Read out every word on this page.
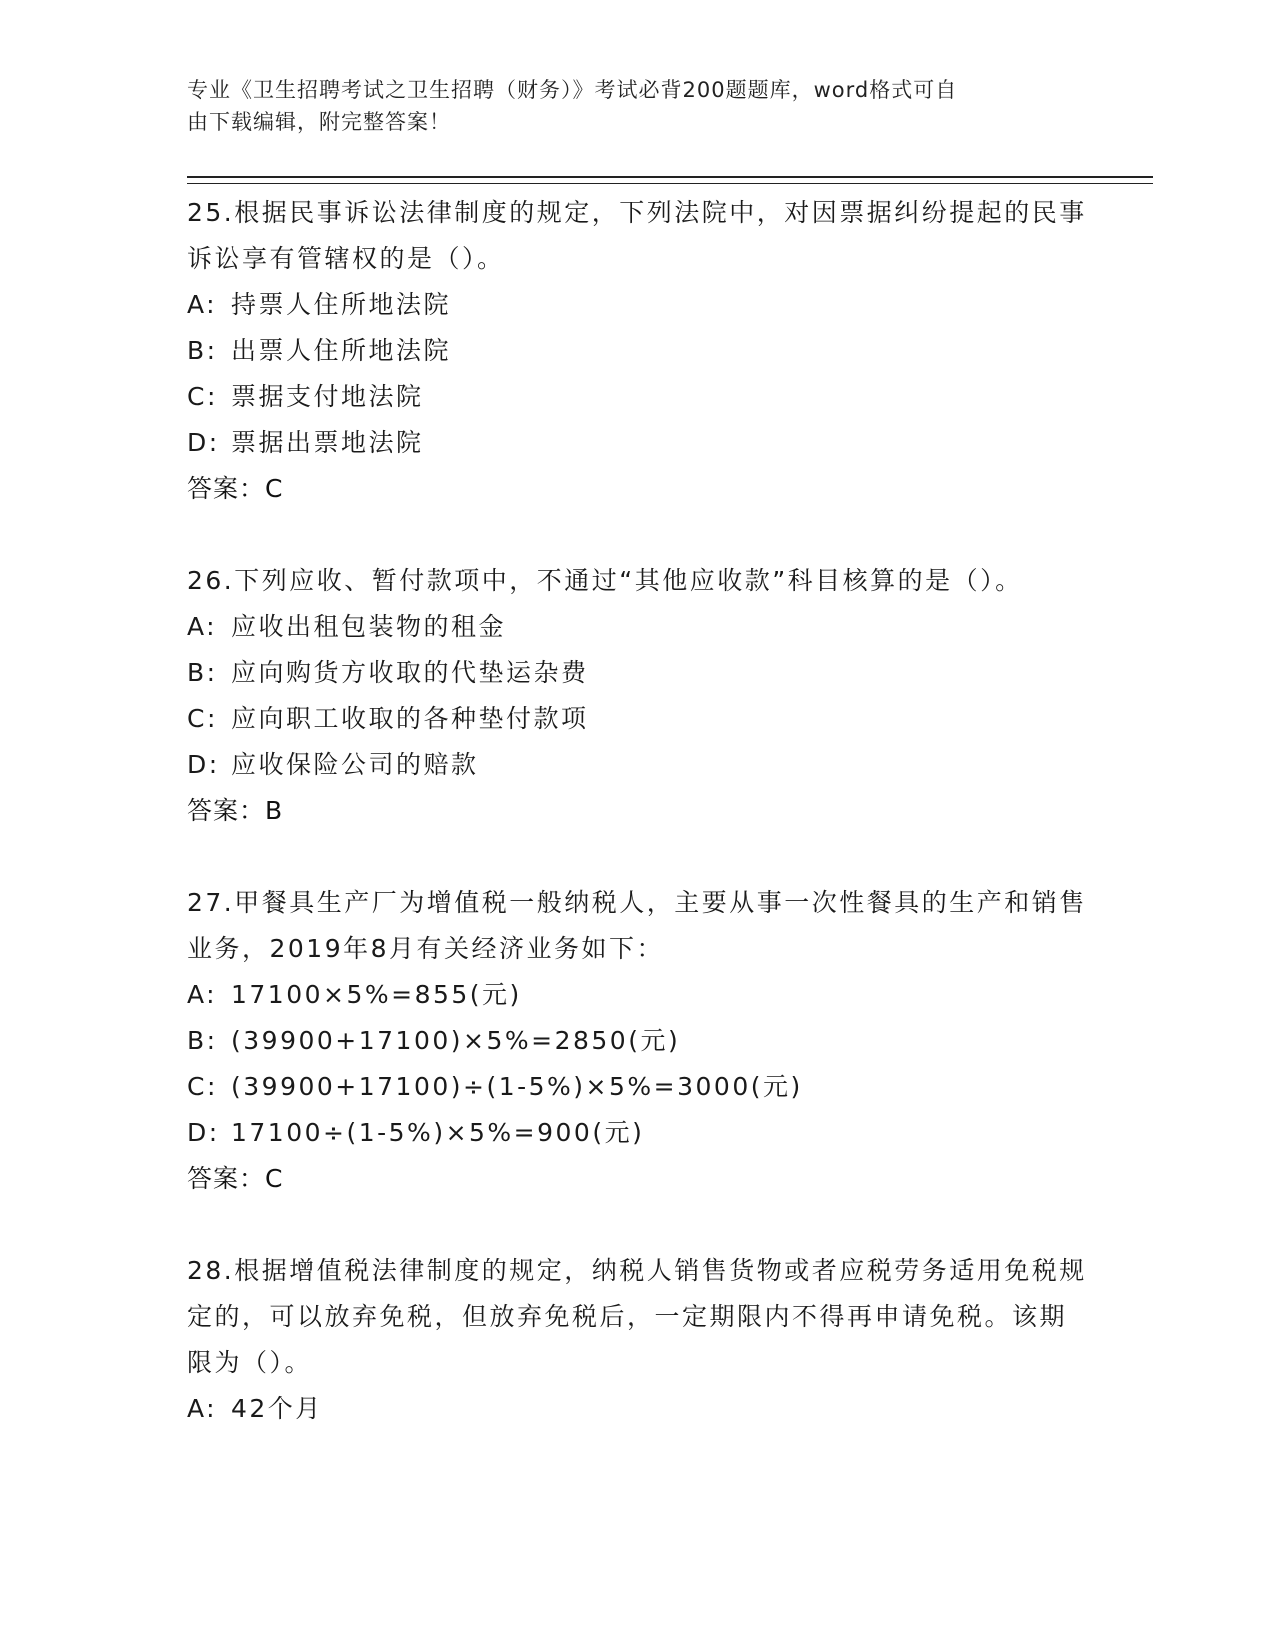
专业《卫生招聘考试之卫生招聘（财务）》考试必背200题题库，word格式可自
由下载编辑，附完整答案！
25.根据民事诉讼法律制度的规定，下列法院中，对因票据纠纷提起的民事诉讼享有管辖权的是（）。
A: 持票人住所地法院
B: 出票人住所地法院
C: 票据支付地法院
D: 票据出票地法院
答案：C
26.下列应收、暂付款项中，不通过“其他应收款”科目核算的是（）。
A: 应收出租包装物的租金
B: 应向购货方收取的代垫运杂费
C: 应向职工收取的各种垫付款项
D: 应收保险公司的赔款
答案：B
27.甲餐具生产厂为增值税一般纳税人，主要从事一次性餐具的生产和销售业务，2019年8月有关经济业务如下：
A: 17100×5%=855(元)
B: (39900+17100)×5%=2850(元)
C: (39900+17100)÷(1-5%)×5%=3000(元)
D: 17100÷(1-5%)×5%=900(元)
答案：C
28.根据增值税法律制度的规定，纳税人销售货物或者应税劳务适用免税规定的，可以放弃免税，但放弃免税后，一定期限内不得再申请免税。该期限为（）。
A: 42个月
